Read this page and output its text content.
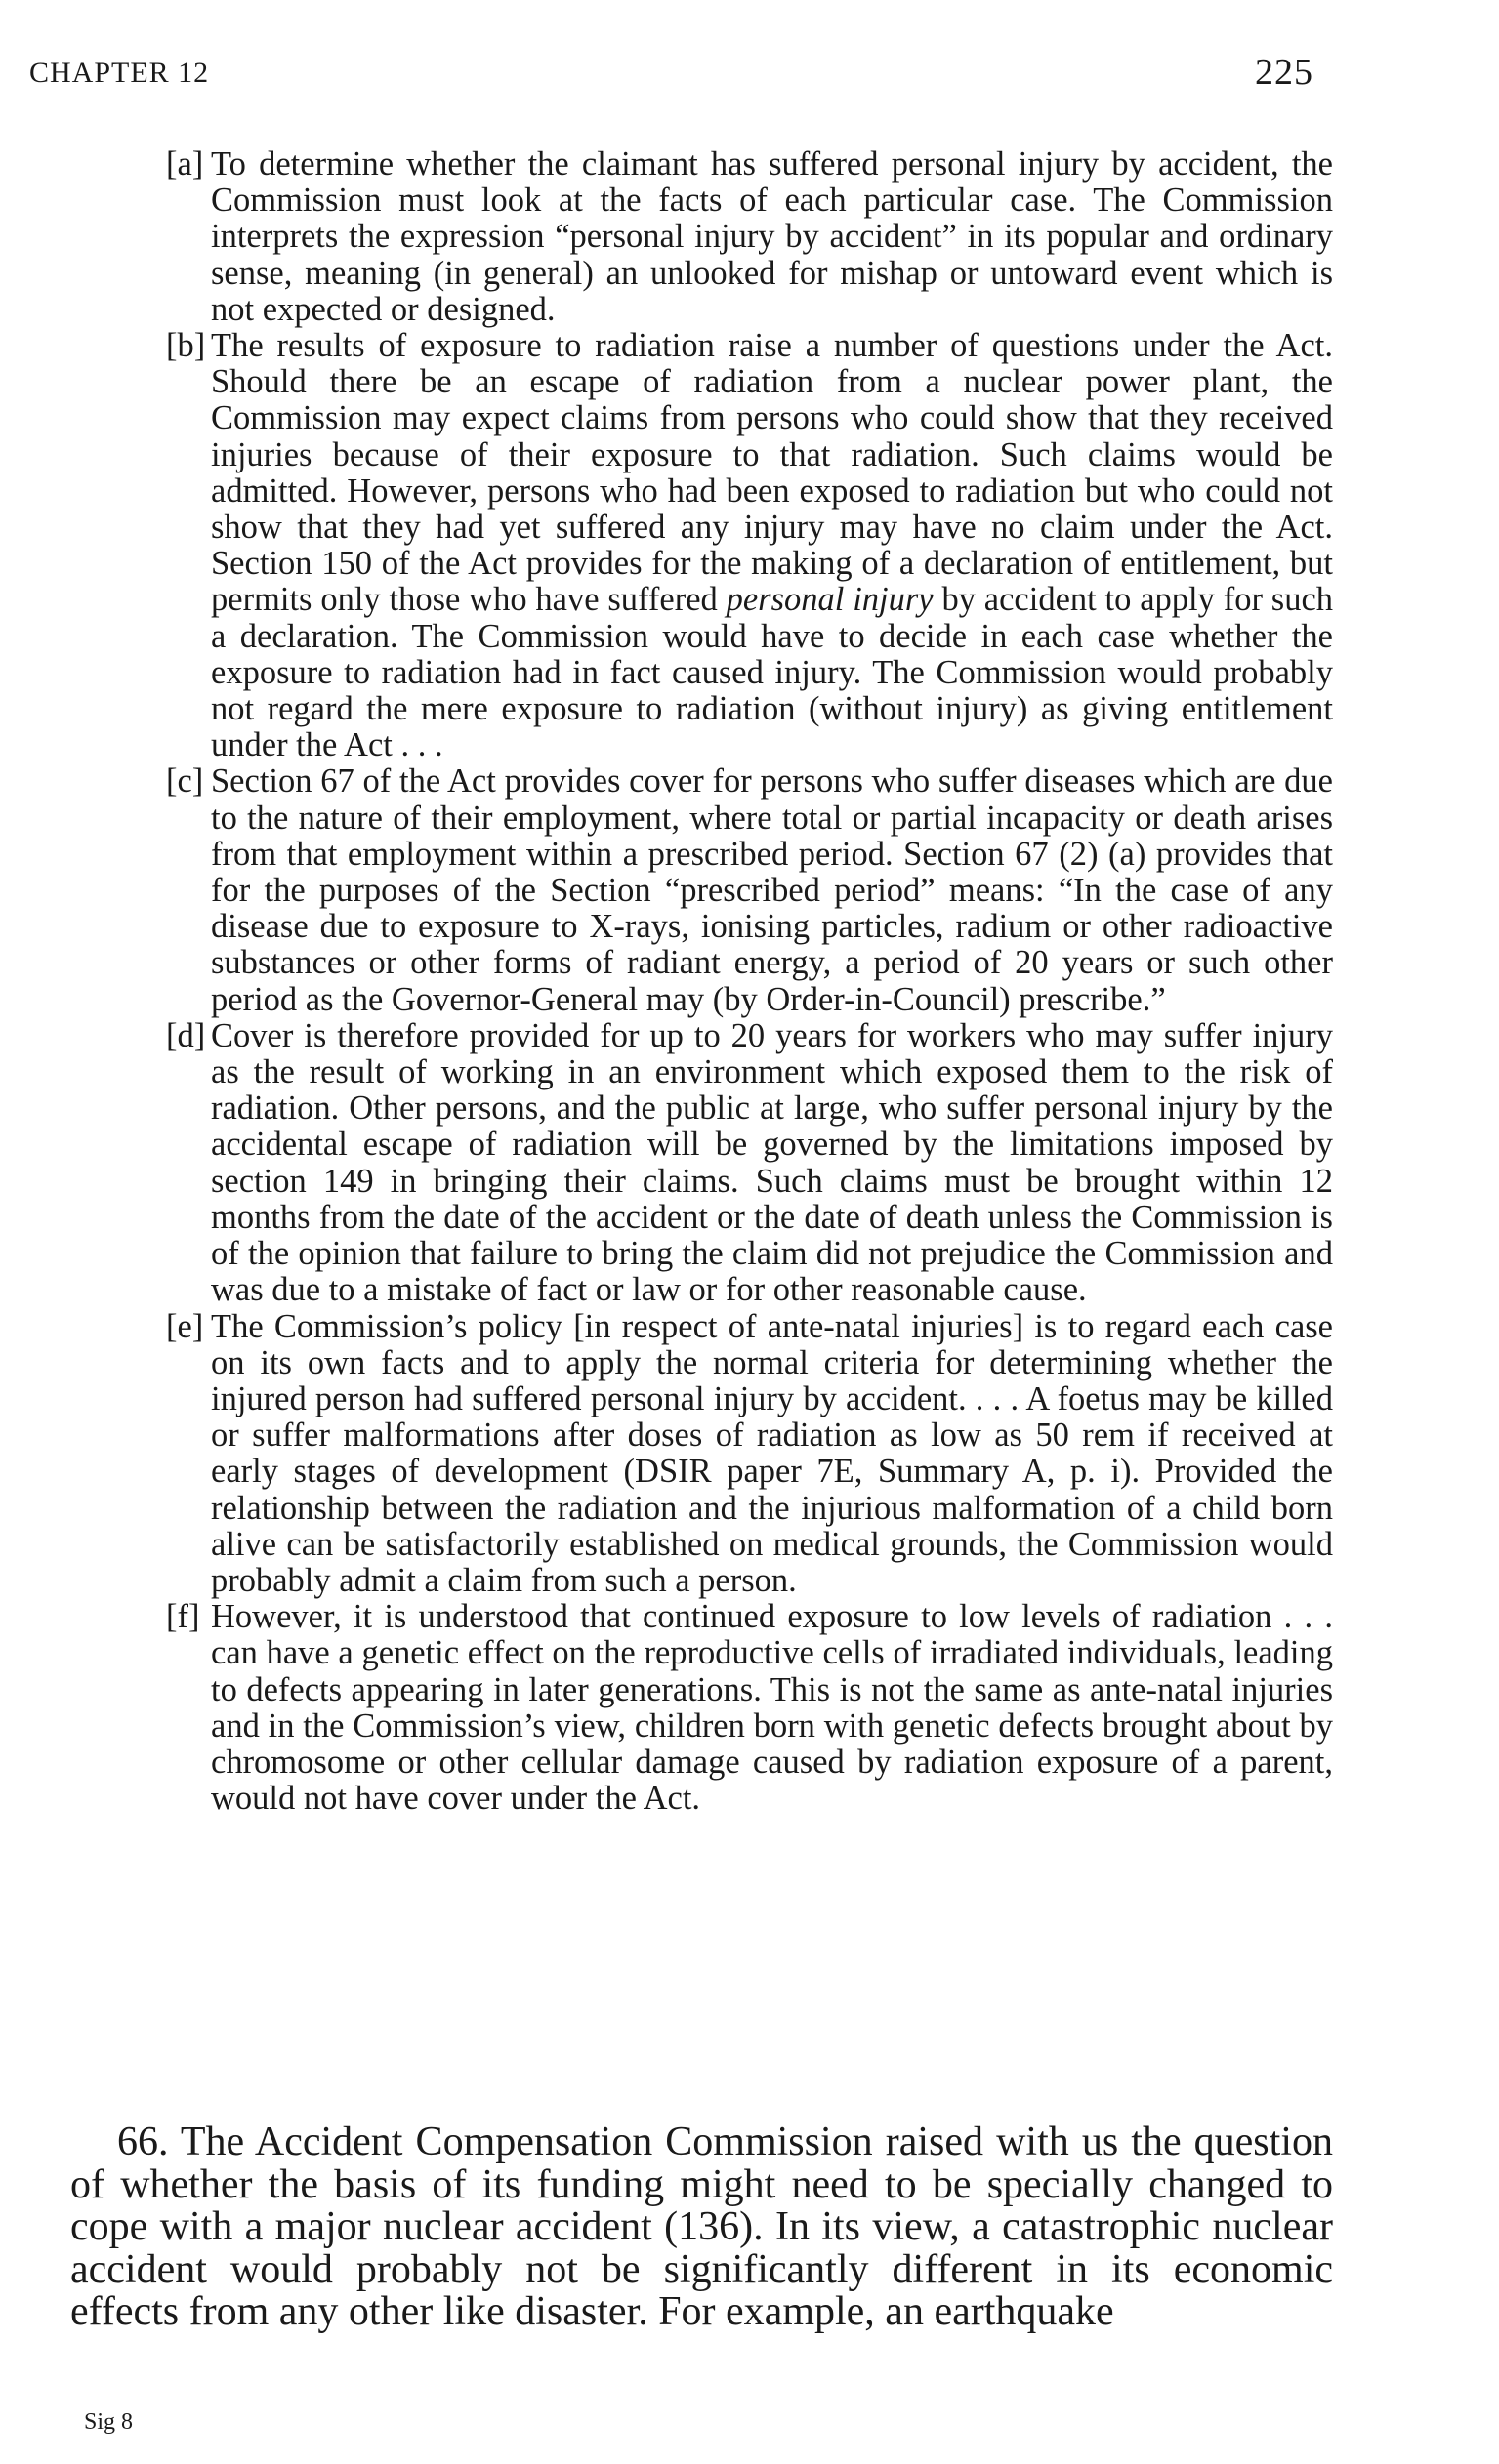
CHAPTER 12	225

[a] To determine whether the claimant has suffered personal injury by accident, the Commission must look at the facts of each particular case. The Commission interprets the expression “personal injury by accident” in its popular and ordinary sense, meaning (in general) an unlooked for mishap or untoward event which is not expected or designed.

[b] The results of exposure to radiation raise a number of questions under the Act. Should there be an escape of radiation from a nuclear power plant, the Commission may expect claims from persons who could show that they received injuries because of their exposure to that radiation. Such claims would be admitted. However, persons who had been exposed to radiation but who could not show that they had yet suffered any injury may have no claim under the Act. Section 150 of the Act provides for the making of a declaration of entitlement, but permits only those who have suffered personal injury by accident to apply for such a declaration. The Commission would have to decide in each case whether the exposure to radiation had in fact caused injury. The Commission would probably not regard the mere exposure to radiation (without injury) as giving entitlement under the Act . . .

[c] Section 67 of the Act provides cover for persons who suffer diseases which are due to the nature of their employment, where total or partial incapacity or death arises from that employment within a prescribed period. Section 67 (2) (a) provides that for the purposes of the Section “prescribed period” means: “In the case of any disease due to exposure to X-rays, ionising particles, radium or other radioactive substances or other forms of radiant energy, a period of 20 years or such other period as the Governor-General may (by Order-in-Council) prescribe.”

[d] Cover is therefore provided for up to 20 years for workers who may suffer injury as the result of working in an environment which exposed them to the risk of radiation. Other persons, and the public at large, who suffer personal injury by the accidental escape of radiation will be governed by the limitations imposed by section 149 in bringing their claims. Such claims must be brought within 12 months from the date of the accident or the date of death unless the Commission is of the opinion that failure to bring the claim did not prejudice the Commission and was due to a mistake of fact or law or for other reasonable cause.

[e] The Commission’s policy [in respect of ante-natal injuries] is to regard each case on its own facts and to apply the normal criteria for determining whether the injured person had suffered personal injury by accident. . . . A foetus may be killed or suffer malformations after doses of radiation as low as 50 rem if received at early stages of development (DSIR paper 7E, Summary A, p. i). Provided the relationship between the radiation and the injurious malformation of a child born alive can be satisfactorily established on medical grounds, the Commission would probably admit a claim from such a person.

[f] However, it is understood that continued exposure to low levels of radiation . . . can have a genetic effect on the reproductive cells of irradiated individuals, leading to defects appearing in later generations. This is not the same as ante-natal injuries and in the Commission’s view, children born with genetic defects brought about by chromosome or other cellular damage caused by radiation exposure of a parent, would not have cover under the Act.

66. The Accident Compensation Commission raised with us the question of whether the basis of its funding might need to be specially changed to cope with a major nuclear accident (136). In its view, a catastrophic nuclear accident would probably not be significantly different in its economic effects from any other like disaster. For example, an earthquake

Sig 8
